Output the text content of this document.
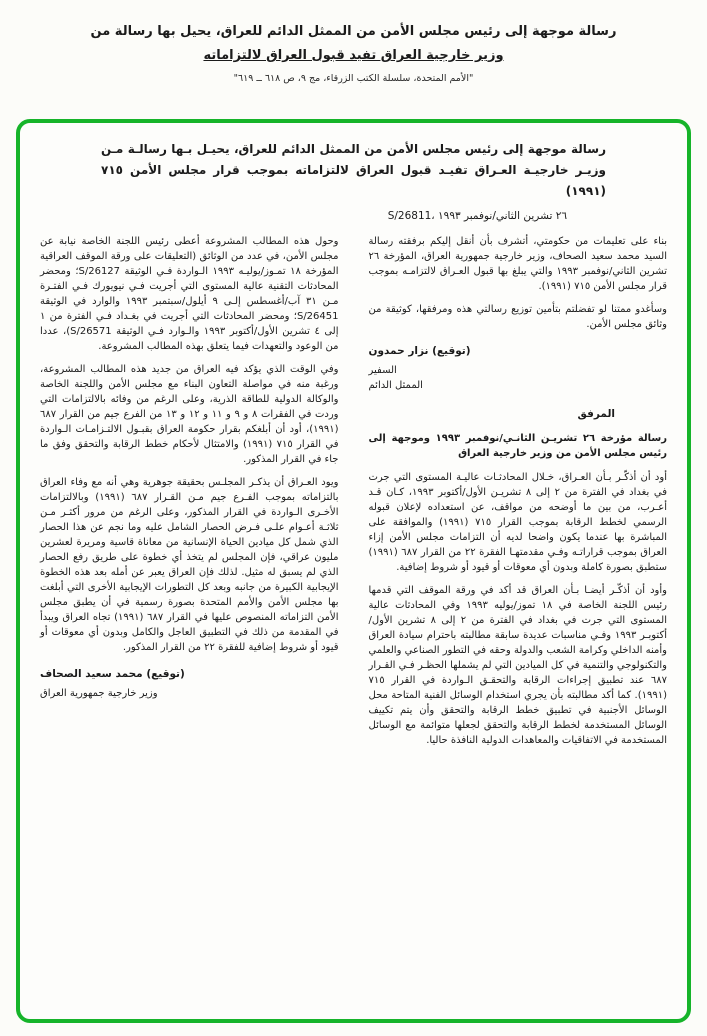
رسالة موجهة إلى رئيس مجلس الأمن من الممثل الدائم للعراق، يحيل بها رسالة من
وزير خارجية العراق تفيد قبول العراق لالتزاماته
"الأمم المتحدة، سلسلة الكتب الزرقاء، مج ٩، ص ٦١٨ ــ ٦١٩"
رسالة موجهة إلى رئيس مجلس الأمن من الممثل الدائم للعراق، يحيـل بـها رسالـة مـن وزيـر خارجيـة العـراق تفيـد قبول العراق لالتزاماته بموجب قرار مجلس الأمن ٧١٥ (١٩٩١)
S/26811، ٢٦ تشرين الثاني/نوفمبر ١٩٩٣

بناء على تعليمات من حكومتي، أتشرف بأن أنقل إليكم برفقته رسالة السيد محمد سعيد الصحاف، وزير خارجية جمهورية العراق، المؤرخة ٢٦ تشرين الثاني/نوفمبر ١٩٩٣ والتي يبلغ بها قبول العـراق لالتزامـه بموجب قرار مجلس الأمن ٧١٥ (١٩٩١).

وسأغدو ممتنا لو تفضلتم بتأمين توزيع رسالتي هذه ومرفقها، كوثيقة من وثائق مجلس الأمن.

(توقيع) نزار حمدون
السفير
الممثل الدائم
المرفق
رسالة مؤرخة ٢٦ تشريـن الثانـي/نوفمبر ١٩٩٣ وموجهة إلى رئيس مجلس الأمن من وزير خارجية العراق

أود أن أذكّـر بـأن العـراق، خـلال المحادثـات عاليـة المستوى التي جرت في بغداد في الفترة من ٢ إلى ٨ تشريـن الأول/أكتوبر ١٩٩٣، كـان قـد أعـرب، من بين ما أوضحه من مواقف، عن استعداده لإعلان قبوله الرسمي لخطط الرقابة بموجب القرار ٧١٥ (١٩٩١) والموافقة على المباشرة بها عندما يكون واضحا لديه أن التزامات مجلس الأمن إزاء العراق بموجب قراراتـه وفـي مقدمتهـا الفقرة ٢٢ من القرار ٦٨٧ (١٩٩١) ستطبق بصورة كاملة وبدون أي معوقات أو قيود أو شروط إضافية.

وأود أن أذكّـر أيضـا بـأن العراق قد أكد في ورقة الموقف التي قدمها رئيس اللجنة الخاصة في ١٨ تموز/يوليه ١٩٩٣ وفي المحادثات عالية المستوى التي جرت في بغداد في الفترة من ٢ إلى ٨ تشرين الأول/أكتوبـر ١٩٩٣ وفـي مناسبات عديدة سابقة مطالبته باحترام سيادة العراق وأمنه الداخلي وكرامة الشعب والدولة وحقه في التطور الصناعي والعلمي والتكنولوجي والتنمية في كل الميادين التي لم يشملها الحظـر فـي القـرار ٦٨٧ عند تطبيق إجراءات الرقابة والتحقـق الـواردة في القرار ٧١٥ (١٩٩١). كما أكد مطالبته بأن يجري استخدام الوسائل الفنية المتاحة محل الوسائل الأجنبية في تطبيق خطط الرقابة والتحقق وأن يتم تكييف الوسائل المستخدمة لخطط الرقابة والتحقق لجعلها متوائمة مع الوسائل المستخدمة في الاتفاقيات والمعاهدات الدولية النافذة حاليا.

وحول هذه المطالب المشروعة أعطى رئيس اللجنة الخاصة نيابة عن مجلس الأمن، في عدد من الوثائق (التعليقات على ورقة الموقف العراقية المؤرخة ١٨ تمـوز/يوليـه ١٩٩٣ الـواردة فـي الوثيقة S/26127؛ ومحضر المحادثات التقنية عالية المستوى التي أجريت فـي نيويورك فـي الفتـرة مـن ٣١ آب/أغسطس إلـى ٩ أيلول/سبتمبر ١٩٩٣ والوارد في الوثيقة S/26451؛ ومحضر المحادثات التي أجريت في بغـداد فـي الفترة من ١ إلى ٤ تشرين الأول/أكتوبر ١٩٩٣ والـوارد فـي الوثيقة S/26571)، عددا من الوعود والتعهدات فيما يتعلق بهذه المطالب المشروعة.

وفي الوقت الذي يؤكد فيه العراق من جديد هذه المطالب المشروعة، ورغبة منه في مواصلة التعاون البناء مع مجلس الأمن واللجنة الخاصة والوكالة الدولية للطاقة الذرية، وعلى الرغم من وفائه بالالتزامات التي وردت في الفقرات ٨ و ٩ و ١١ و ١٢ و ١٣ من الفرع جيم من القرار ٦٨٧ (١٩٩١)، أود أن أبلغكم بقرار حكومة العراق بقبـول الالتـزامـات الـواردة في القرار ٧١٥ (١٩٩١) والامتثال لأحكام خطط الرقابة والتحقق وفق ما جاء في القرار المذكور.

ويود العـراق أن يذكـر المجلـس بحقيقة جوهرية وهي أنه مع وفاء العراق بالتزاماته بموجب الفـرع جيم مـن القـرار ٦٨٧ (١٩٩١) وبالالتزامات الأخـرى الـواردة في القرار المذكور، وعلى الرغم من مرور أكثـر مـن ثلاثـة أعـوام علـى فـرض الحصار الشامل عليه وما نجم عن هذا الحصار الذي شمل كل ميادين الحياة الإنسانية من معاناة قاسية ومريرة لعشرين مليون عراقي، فإن المجلس لم يتخذ أي خطوة على طريق رفع الحصار الذي لم يسبق له مثيل. لذلك فإن العراق يعبر عن أمله بعد هذه الخطوة الإيجابية الكبيرة من جانبه وبعد كل التطورات الإيجابية الأخرى التي أبلغت بها مجلس الأمن والأمم المتحدة بصورة رسمية في أن يطبق مجلس الأمن التزاماته المنصوص عليها في القرار ٦٨٧ (١٩٩١) تجاه العراق ويبدأ في المقدمة من ذلك في التطبيق العاجل والكامل وبدون أي معوقات أو قيود أو شروط إضافية للفقرة ٢٢ من القرار المذكور.

(توقيع) محمد سعيد الصحاف
وزير خارجية جمهورية العراق
